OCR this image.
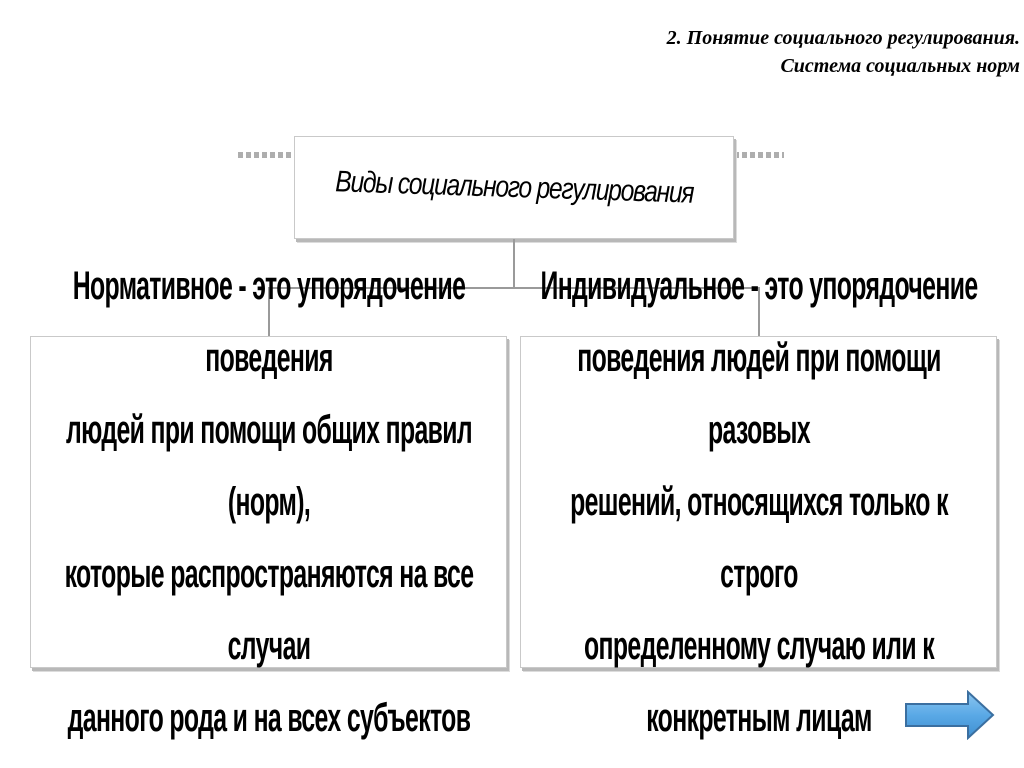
2. Понятие социального регулирования.
Система социальных норм
Виды социального регулирования
Нормативное - это упорядочение поведения
людей при помощи общих правил (норм),
которые распространяются на все случаи
данного рода и на всех субъектов
Индивидуальное - это упорядочение
поведения людей при помощи разовых
решений, относящихся только к строго
определенному случаю или к конкретным лицам
